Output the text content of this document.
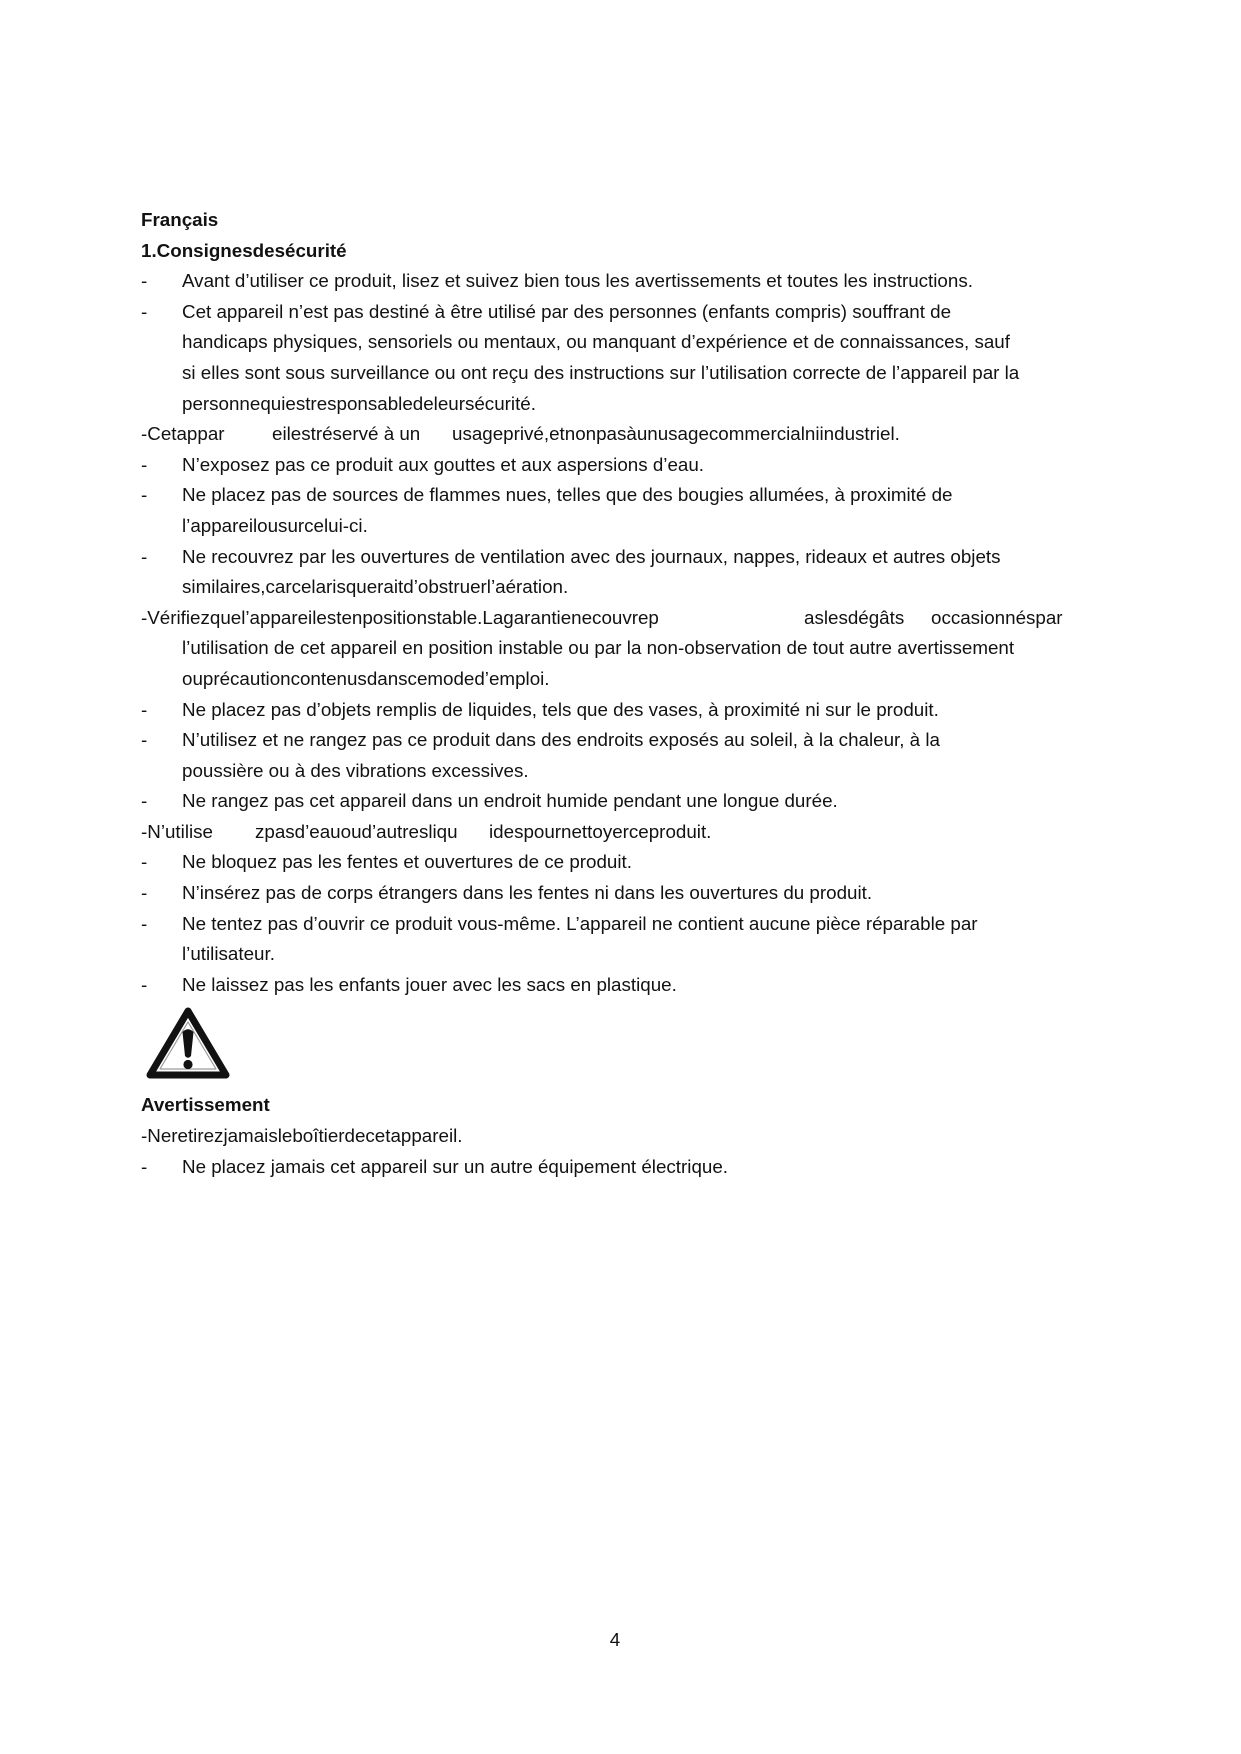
Français
1.Consignesdesécurité
- Avant d’utiliser ce produit, lisez et suivez bien tous les avertissements et toutes les instructions.
- Cet appareil n’est pas destiné à être utilisé par des personnes (enfants compris) souffrant de
handicaps physiques, sensoriels ou mentaux, ou manquant d’expérience et de connaissances, sauf
si elles sont sous surveillance ou ont reçu des instructions sur l’utilisation correcte de l’appareil par la
personnequiestresponsabledeleursécurité.
-Cetappar	eilestréservé à un usageprivé,etnonpasàunusagecommercialniindustriel.
- N’exposez pas ce produit aux gouttes et aux aspersions d’eau.
- Ne placez pas de sources de flammes nues, telles que des bougies allumées, à proximité de
l’appareilousurcelui-ci.
- Ne recouvrez par les ouvertures de ventilation avec des journaux, nappes, rideaux et autres objets
similaires,carcelarisqueraitd’obstruerl’aération.
-Vérifiezquel’appareilestenpositionstable.Lagarantienecouvrep	aslesdégâts occasionnéspar
l’utilisation de cet appareil en position instable ou par la non-observation de tout autre avertissement
ouprécautioncontenusdanscemoded’emploi.
- Ne placez pas d’objets remplis de liquides, tels que des vases, à proximité ni sur le produit.
- N’utilisez et ne rangez pas ce produit dans des endroits exposés au soleil, à la chaleur, à la
poussière ou à des vibrations excessives.
- Ne rangez pas cet appareil dans un endroit humide pendant une longue durée.
-N’utilise zpasd’eauoud’autresliqu idespournettoyerceproduit.
- Ne bloquez pas les fentes et ouvertures de ce produit.
- N’insérez pas de corps étrangers dans les fentes ni dans les ouvertures du produit.
- Ne tentez pas d’ouvrir ce produit vous-même. L’appareil ne contient aucune pièce réparable par
l’utilisateur.
- Ne laissez pas les enfants jouer avec les sacs en plastique.
Avertissement
-Neretirezjamaisleboîtierdecetappareil.
- Ne placez jamais cet appareil sur un autre équipement électrique.
4
